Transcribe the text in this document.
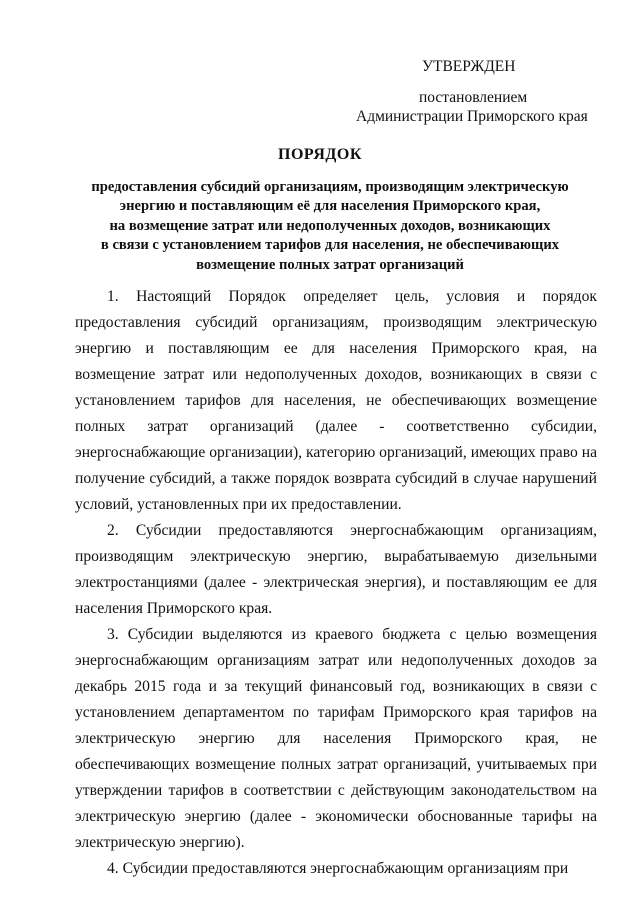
УТВЕРЖДЕН
постановлением
Администрации Приморского края
ПОРЯДОК
предоставления субсидий организациям, производящим электрическую
энергию и поставляющим её для населения Приморского края,
на возмещение затрат или недополученных доходов, возникающих
в связи с установлением тарифов для населения, не обеспечивающих
возмещение полных затрат организаций

1. Настоящий Порядок определяет цель, условия и порядок предоставления субсидий организациям, производящим электрическую энергию и поставляющим ее для населения Приморского края, на возмещение затрат или недополученных доходов, возникающих в связи с установлением тарифов для населения, не обеспечивающих возмещение полных затрат организаций (далее - соответственно субсидии, энергоснабжающие организации), категорию организаций, имеющих право на получение субсидий, а также порядок возврата субсидий в случае нарушений условий, установленных при их предоставлении.

2. Субсидии предоставляются энергоснабжающим организациям, производящим электрическую энергию, вырабатываемую дизельными электростанциями (далее - электрическая энергия), и поставляющим ее для населения Приморского края.

3. Субсидии выделяются из краевого бюджета с целью возмещения энергоснабжающим организациям затрат или недополученных доходов за декабрь 2015 года и за текущий финансовый год, возникающих в связи с установлением департаментом по тарифам Приморского края тарифов на электрическую энергию для населения Приморского края, не обеспечивающих возмещение полных затрат организаций, учитываемых при утверждении тарифов в соответствии с действующим законодательством на электрическую энергию (далее - экономически обоснованные тарифы на электрическую энергию).

4. Субсидии предоставляются энергоснабжающим организациям при
